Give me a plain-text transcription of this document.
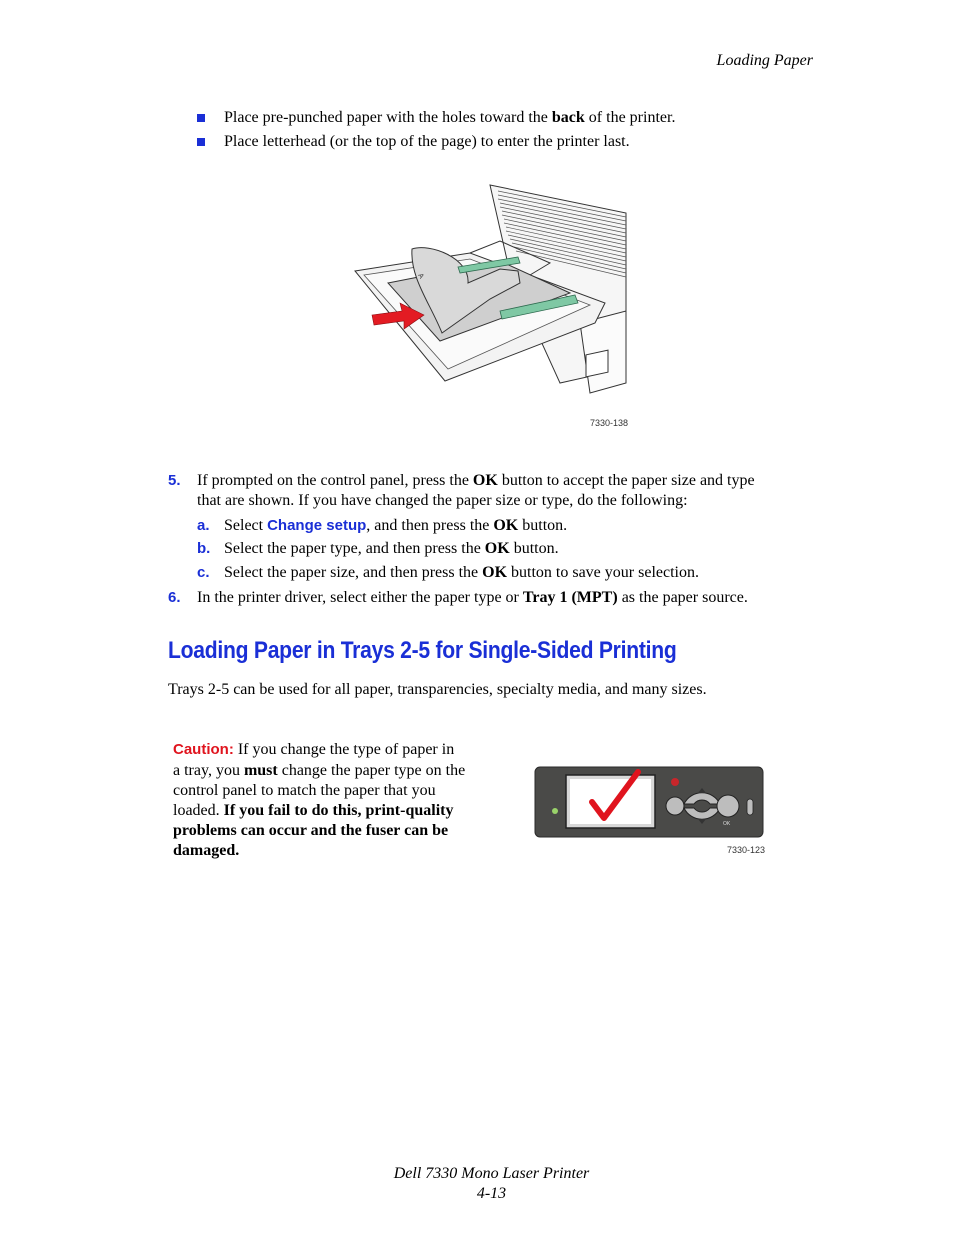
Loading Paper
Place pre-punched paper with the holes toward the back of the printer.
Place letterhead (or the top of the page) to enter the printer last.
A
7330-138
5. If prompted on the control panel, press the OK button to accept the paper size and type
that are shown. If you have changed the paper size or type, do the following:
a. Select Change setup, and then press the OK button.
b. Select the paper type, and then press the OK button.
c. Select the paper size, and then press the OK button to save your selection.
6. In the printer driver, select either the paper type or Tray 1 (MPT) as the paper source.
Loading Paper in Trays 2-5 for Single-Sided Printing
Trays 2-5 can be used for all paper, transparencies, specialty media, and many sizes.
Caution: If you change the type of paper in
a tray, you must change the paper type on the
control panel to match the paper that you
loaded. If you fail to do this, print-quality
problems can occur and the fuser can be
damaged.
OK
7330-123
Dell 7330 Mono Laser Printer
4-13
